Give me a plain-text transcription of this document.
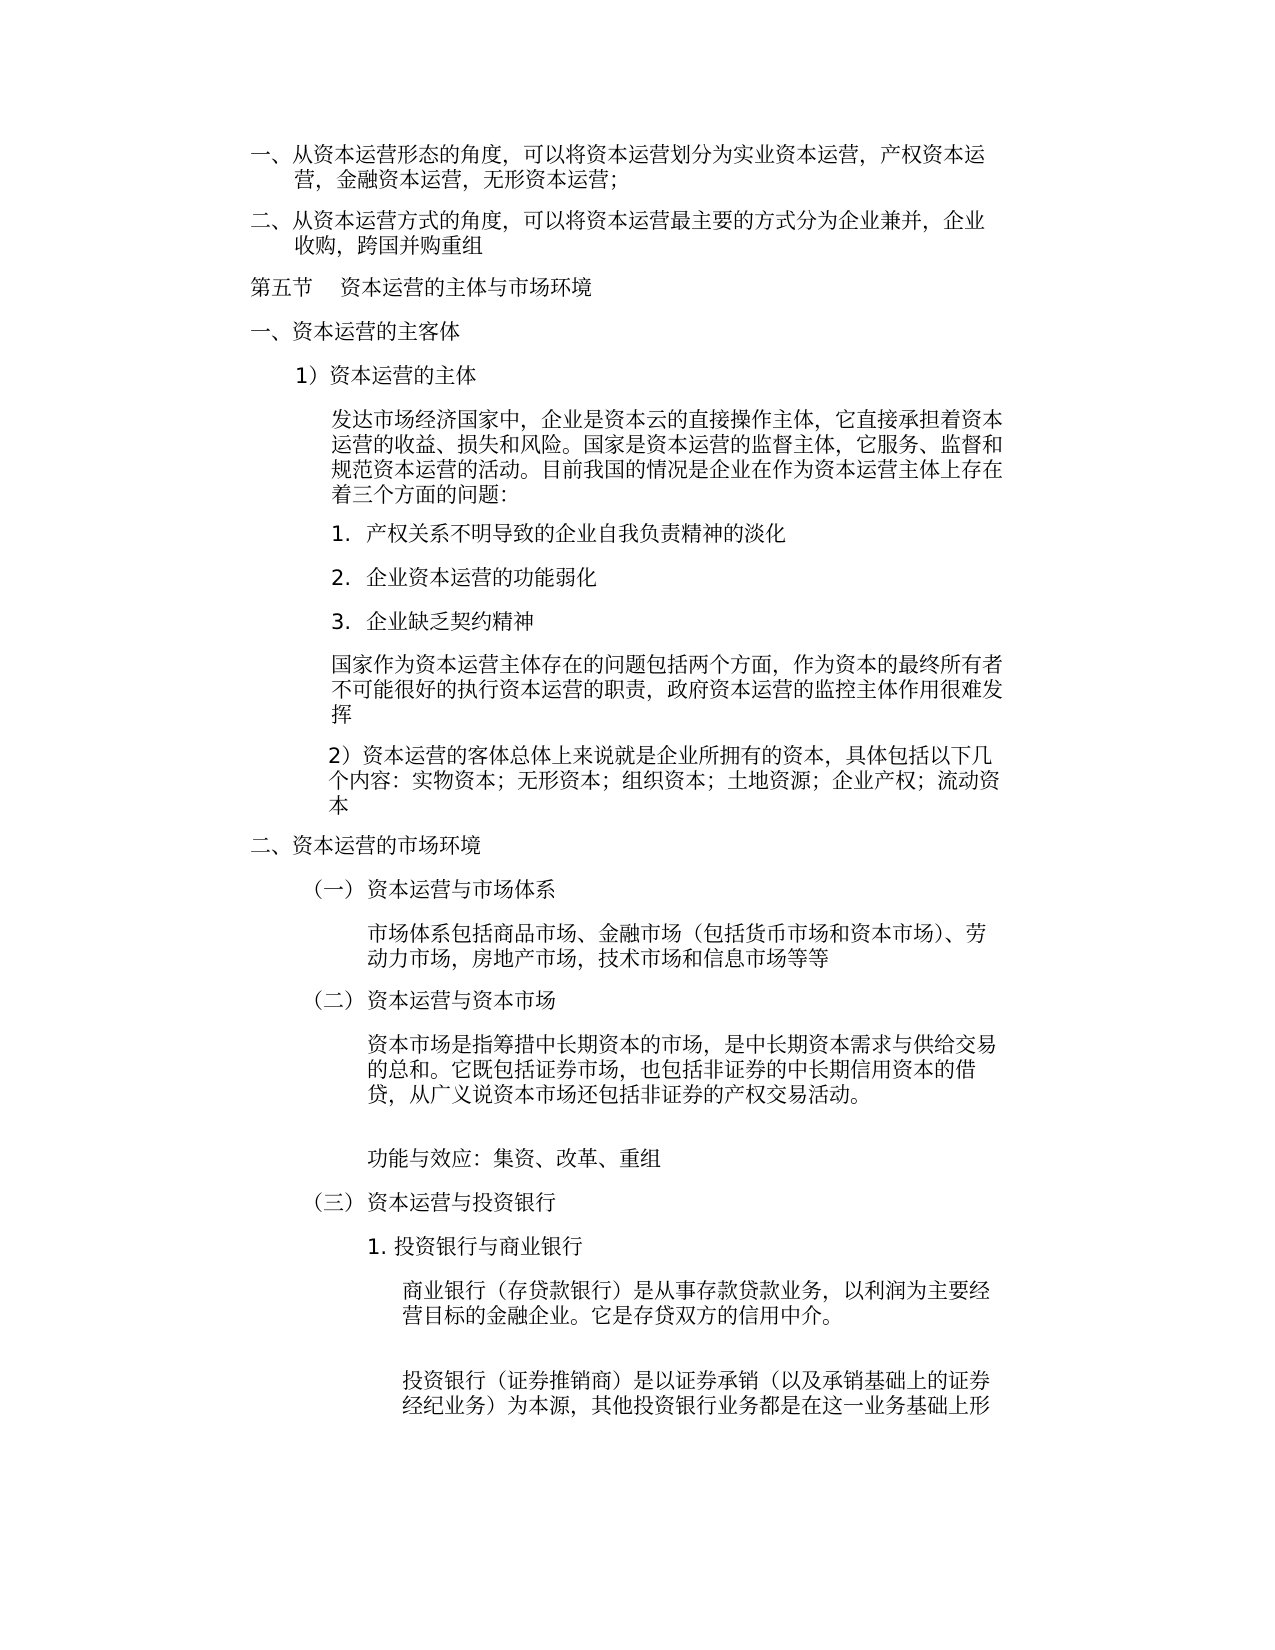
一、从资本运营形态的角度，可以将资本运营划分为实业资本运营，产权资本运
营，金融资本运营，无形资本运营；
二、从资本运营方式的角度，可以将资本运营最主要的方式分为企业兼并，企业
收购，跨国并购重组
第五节 资本运营的主体与市场环境
一、资本运营的主客体
1）资本运营的主体
发达市场经济国家中，企业是资本云的直接操作主体，它直接承担着资本
运营的收益、损失和风险。国家是资本运营的监督主体，它服务、监督和
规范资本运营的活动。目前我国的情况是企业在作为资本运营主体上存在
着三个方面的问题：
1. 产权关系不明导致的企业自我负责精神的淡化
2. 企业资本运营的功能弱化
3. 企业缺乏契约精神
国家作为资本运营主体存在的问题包括两个方面，作为资本的最终所有者
不可能很好的执行资本运营的职责，政府资本运营的监控主体作用很难发
挥
2）资本运营的客体总体上来说就是企业所拥有的资本，具体包括以下几
个内容：实物资本；无形资本；组织资本；土地资源；企业产权；流动资
本
二、资本运营的市场环境
（一）资本运营与市场体系
市场体系包括商品市场、金融市场（包括货币市场和资本市场）、劳
动力市场，房地产市场，技术市场和信息市场等等
（二）资本运营与资本市场
资本市场是指筹措中长期资本的市场，是中长期资本需求与供给交易
的总和。它既包括证券市场，也包括非证券的中长期信用资本的借
贷，从广义说资本市场还包括非证券的产权交易活动。
功能与效应：集资、改革、重组
（三）资本运营与投资银行
1. 投资银行与商业银行
商业银行（存贷款银行）是从事存款贷款业务，以利润为主要经
营目标的金融企业。它是存贷双方的信用中介。
投资银行（证券推销商）是以证券承销（以及承销基础上的证券
经纪业务）为本源，其他投资银行业务都是在这一业务基础上形
